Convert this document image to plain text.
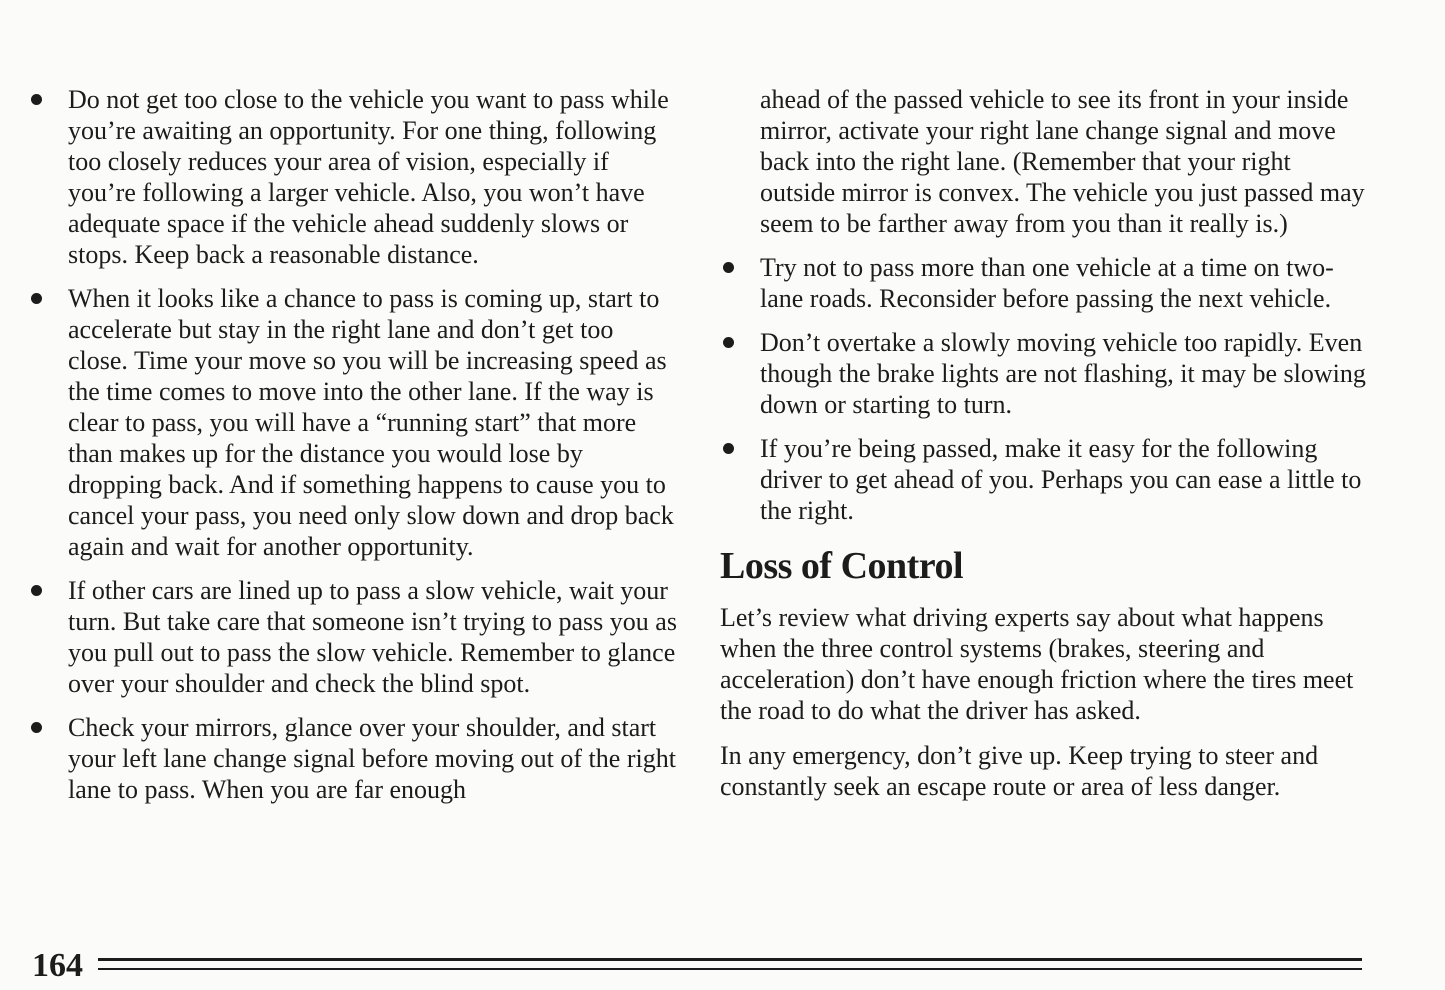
Do not get too close to the vehicle you want to pass while you’re awaiting an opportunity. For one thing, following too closely reduces your area of vision, especially if you’re following a larger vehicle. Also, you won’t have adequate space if the vehicle ahead suddenly slows or stops. Keep back a reasonable distance.

When it looks like a chance to pass is coming up, start to accelerate but stay in the right lane and don’t get too close. Time your move so you will be increasing speed as the time comes to move into the other lane. If the way is clear to pass, you will have a “running start” that more than makes up for the distance you would lose by dropping back. And if something happens to cause you to cancel your pass, you need only slow down and drop back again and wait for another opportunity.

If other cars are lined up to pass a slow vehicle, wait your turn. But take care that someone isn’t trying to pass you as you pull out to pass the slow vehicle. Remember to glance over your shoulder and check the blind spot.

Check your mirrors, glance over your shoulder, and start your left lane change signal before moving out of the right lane to pass. When you are far enough

ahead of the passed vehicle to see its front in your inside mirror, activate your right lane change signal and move back into the right lane. (Remember that your right outside mirror is convex. The vehicle you just passed may seem to be farther away from you than it really is.)

Try not to pass more than one vehicle at a time on two-lane roads. Reconsider before passing the next vehicle.

Don’t overtake a slowly moving vehicle too rapidly. Even though the brake lights are not flashing, it may be slowing down or starting to turn.

If you’re being passed, make it easy for the following driver to get ahead of you. Perhaps you can ease a little to the right.

Loss of Control

Let’s review what driving experts say about what happens when the three control systems (brakes, steering and acceleration) don’t have enough friction where the tires meet the road to do what the driver has asked.

In any emergency, don’t give up. Keep trying to steer and constantly seek an escape route or area of less danger.

164
